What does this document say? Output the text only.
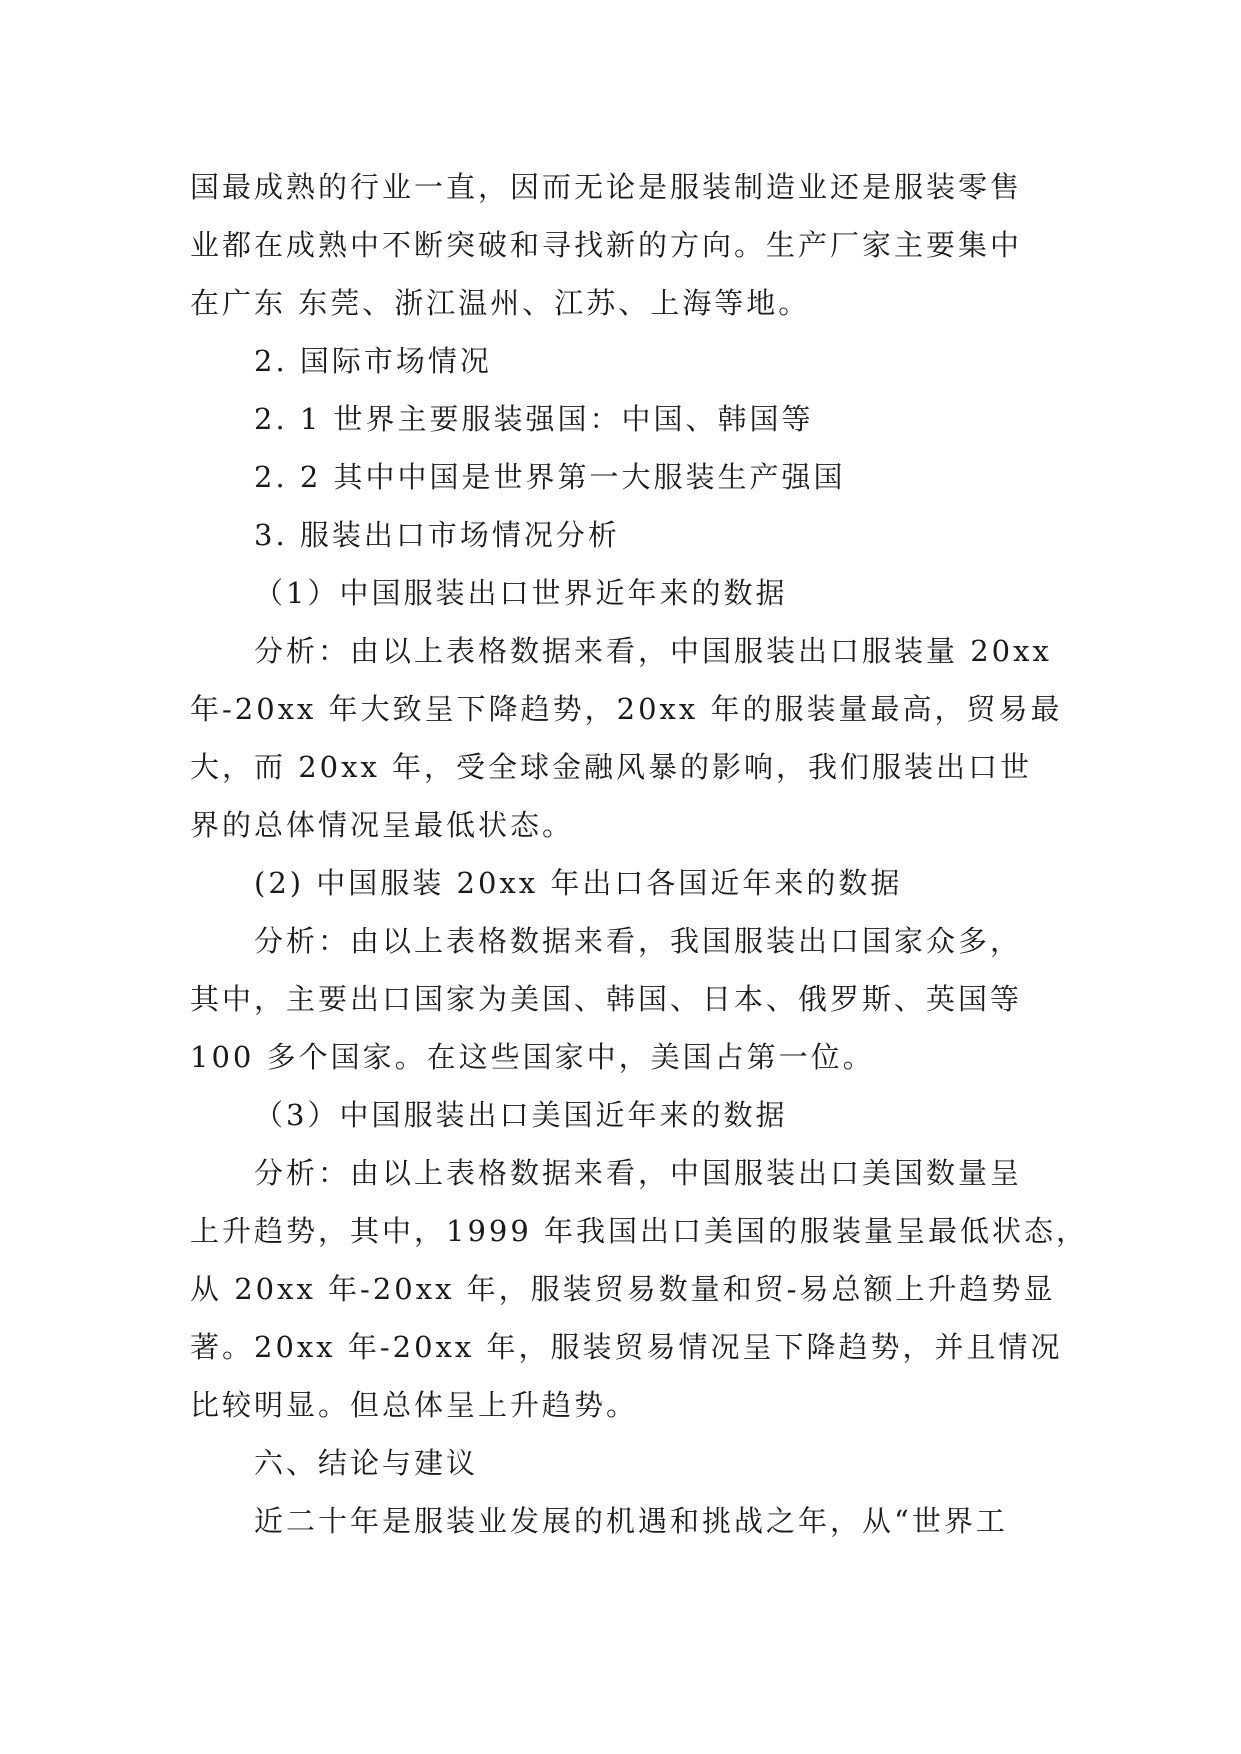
国最成熟的行业一直，因而无论是服装制造业还是服装零售

业都在成熟中不断突破和寻找新的方向。生产厂家主要集中

在广东 东莞、浙江温州、江苏、上海等地。

2. 国际市场情况

2. 1 世界主要服装强国：中国、韩国等

2. 2 其中中国是世界第一大服装生产强国

3. 服装出口市场情况分析

（1）中国服装出口世界近年来的数据

分析：由以上表格数据来看，中国服装出口服装量 20xx

年-20xx 年大致呈下降趋势，20xx 年的服装量最高，贸易最

大，而 20xx 年，受全球金融风暴的影响，我们服装出口世

界的总体情况呈最低状态。

(2) 中国服装 20xx 年出口各国近年来的数据

分析：由以上表格数据来看，我国服装出口国家众多，

其中，主要出口国家为美国、韩国、日本、俄罗斯、英国等

100 多个国家。在这些国家中，美国占第一位。

（3）中国服装出口美国近年来的数据

分析：由以上表格数据来看，中国服装出口美国数量呈

上升趋势，其中，1999 年我国出口美国的服装量呈最低状态，

从 20xx 年-20xx 年，服装贸易数量和贸-易总额上升趋势显

著。20xx 年-20xx 年，服装贸易情况呈下降趋势，并且情况

比较明显。但总体呈上升趋势。

六、结论与建议

近二十年是服装业发展的机遇和挑战之年，从“世界工
